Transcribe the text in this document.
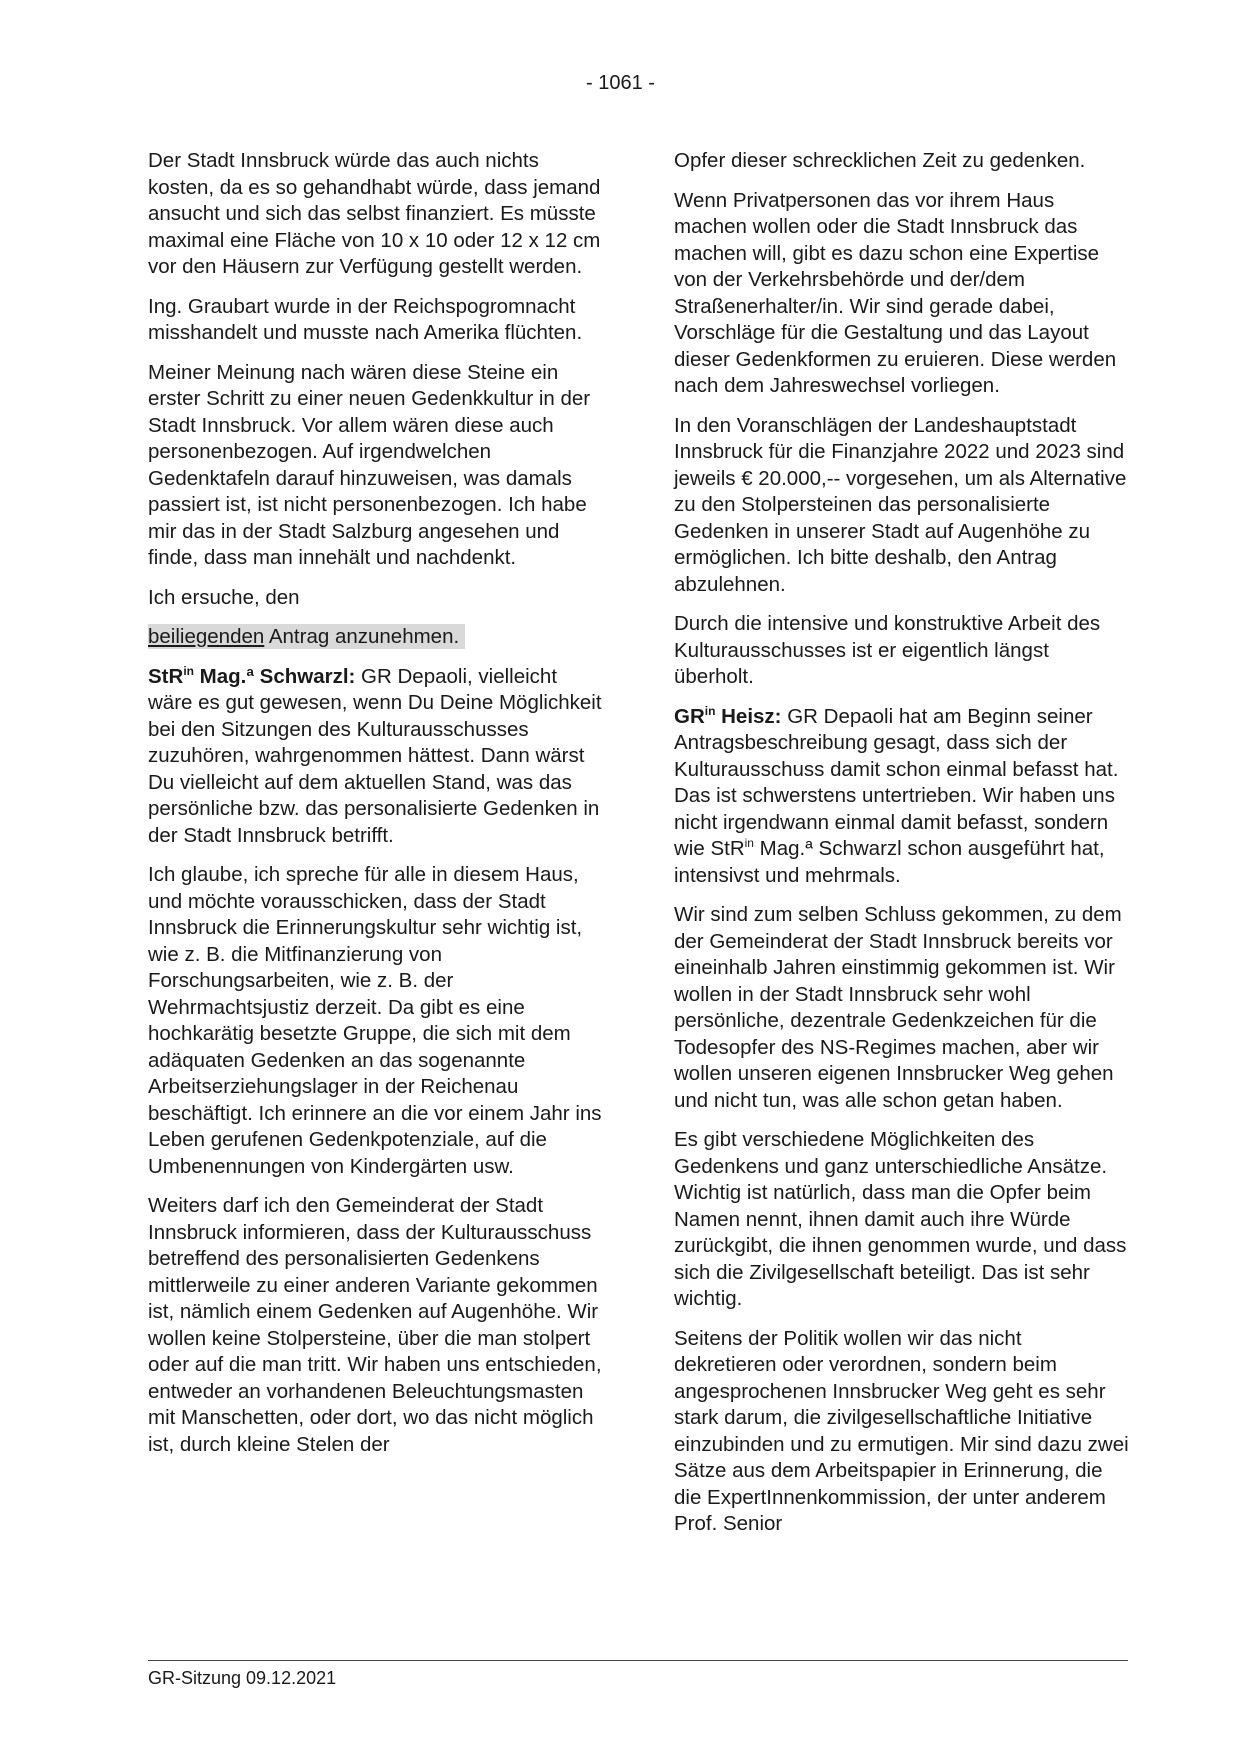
- 1061 -

Der Stadt Innsbruck würde das auch nichts kosten, da es so gehandhabt würde, dass jemand ansucht und sich das selbst finanziert. Es müsste maximal eine Fläche von 10 x 10 oder 12 x 12 cm vor den Häusern zur Verfügung gestellt werden.

Ing. Graubart wurde in der Reichspogromnacht misshandelt und musste nach Amerika flüchten.

Meiner Meinung nach wären diese Steine ein erster Schritt zu einer neuen Gedenkkultur in der Stadt Innsbruck. Vor allem wären diese auch personenbezogen. Auf irgendwelchen Gedenktafeln darauf hinzuweisen, was damals passiert ist, ist nicht personenbezogen. Ich habe mir das in der Stadt Salzburg angesehen und finde, dass man innehält und nachdenkt.

Ich ersuche, den

beiliegenden Antrag anzunehmen.

StR$^{in}$ Mag.ª Schwarzl: GR Depaoli, vielleicht wäre es gut gewesen, wenn Du Deine Möglichkeit bei den Sitzungen des Kulturausschusses zuzuhören, wahrgenommen hättest. Dann wärst Du vielleicht auf dem aktuellen Stand, was das persönliche bzw. das personalisierte Gedenken in der Stadt Innsbruck betrifft.

Ich glaube, ich spreche für alle in diesem Haus, und möchte vorausschicken, dass der Stadt Innsbruck die Erinnerungskultur sehr wichtig ist, wie z. B. die Mitfinanzierung von Forschungsarbeiten, wie z. B. der Wehrmachtsjustiz derzeit. Da gibt es eine hochkarätig besetzte Gruppe, die sich mit dem adäquaten Gedenken an das sogenannte Arbeitserziehungslager in der Reichenau beschäftigt. Ich erinnere an die vor einem Jahr ins Leben gerufenen Gedenkpotenziale, auf die Umbenennungen von Kindergärten usw.

Weiters darf ich den Gemeinderat der Stadt Innsbruck informieren, dass der Kulturausschuss betreffend des personalisierten Gedenkens mittlerweile zu einer anderen Variante gekommen ist, nämlich einem Gedenken auf Augenhöhe. Wir wollen keine Stolpersteine, über die man stolpert oder auf die man tritt. Wir haben uns entschieden, entweder an vorhandenen Beleuchtungsmasten mit Manschetten, oder dort, wo das nicht möglich ist, durch kleine Stelen der

Opfer dieser schrecklichen Zeit zu gedenken.

Wenn Privatpersonen das vor ihrem Haus machen wollen oder die Stadt Innsbruck das machen will, gibt es dazu schon eine Expertise von der Verkehrsbehörde und der/dem Straßenerhalter/in. Wir sind gerade dabei, Vorschläge für die Gestaltung und das Layout dieser Gedenkformen zu eruieren. Diese werden nach dem Jahreswechsel vorliegen.

In den Voranschlägen der Landeshauptstadt Innsbruck für die Finanzjahre 2022 und 2023 sind jeweils € 20.000,-- vorgesehen, um als Alternative zu den Stolpersteinen das personalisierte Gedenken in unserer Stadt auf Augenhöhe zu ermöglichen. Ich bitte deshalb, den Antrag abzulehnen.

Durch die intensive und konstruktive Arbeit des Kulturausschusses ist er eigentlich längst überholt.

$GR^{in}$ Heisz: GR Depaoli hat am Beginn seiner Antragsbeschreibung gesagt, dass sich der Kulturausschuss damit schon einmal befasst hat. Das ist schwerstens untertrieben. Wir haben uns nicht irgendwann einmal damit befasst, sondern wie StR$^{in}$ Mag.ª Schwarzl schon ausgeführt hat, intensivst und mehrmals.

Wir sind zum selben Schluss gekommen, zu dem der Gemeinderat der Stadt Innsbruck bereits vor eineinhalb Jahren einstimmig gekommen ist. Wir wollen in der Stadt Innsbruck sehr wohl persönliche, dezentrale Gedenkzeichen für die Todesopfer des NS-Regimes machen, aber wir wollen unseren eigenen Innsbrucker Weg gehen und nicht tun, was alle schon getan haben.

Es gibt verschiedene Möglichkeiten des Gedenkens und ganz unterschiedliche Ansätze. Wichtig ist natürlich, dass man die Opfer beim Namen nennt, ihnen damit auch ihre Würde zurückgibt, die ihnen genommen wurde, und dass sich die Zivilgesellschaft beteiligt. Das ist sehr wichtig.

Seitens der Politik wollen wir das nicht dekretieren oder verordnen, sondern beim angesprochenen Innsbrucker Weg geht es sehr stark darum, die zivilgesellschaftliche Initiative einzubinden und zu ermutigen. Mir sind dazu zwei Sätze aus dem Arbeitspapier in Erinnerung, die die ExpertInnenkommission, der unter anderem Prof. Senior

GR-Sitzung 09.12.2021
